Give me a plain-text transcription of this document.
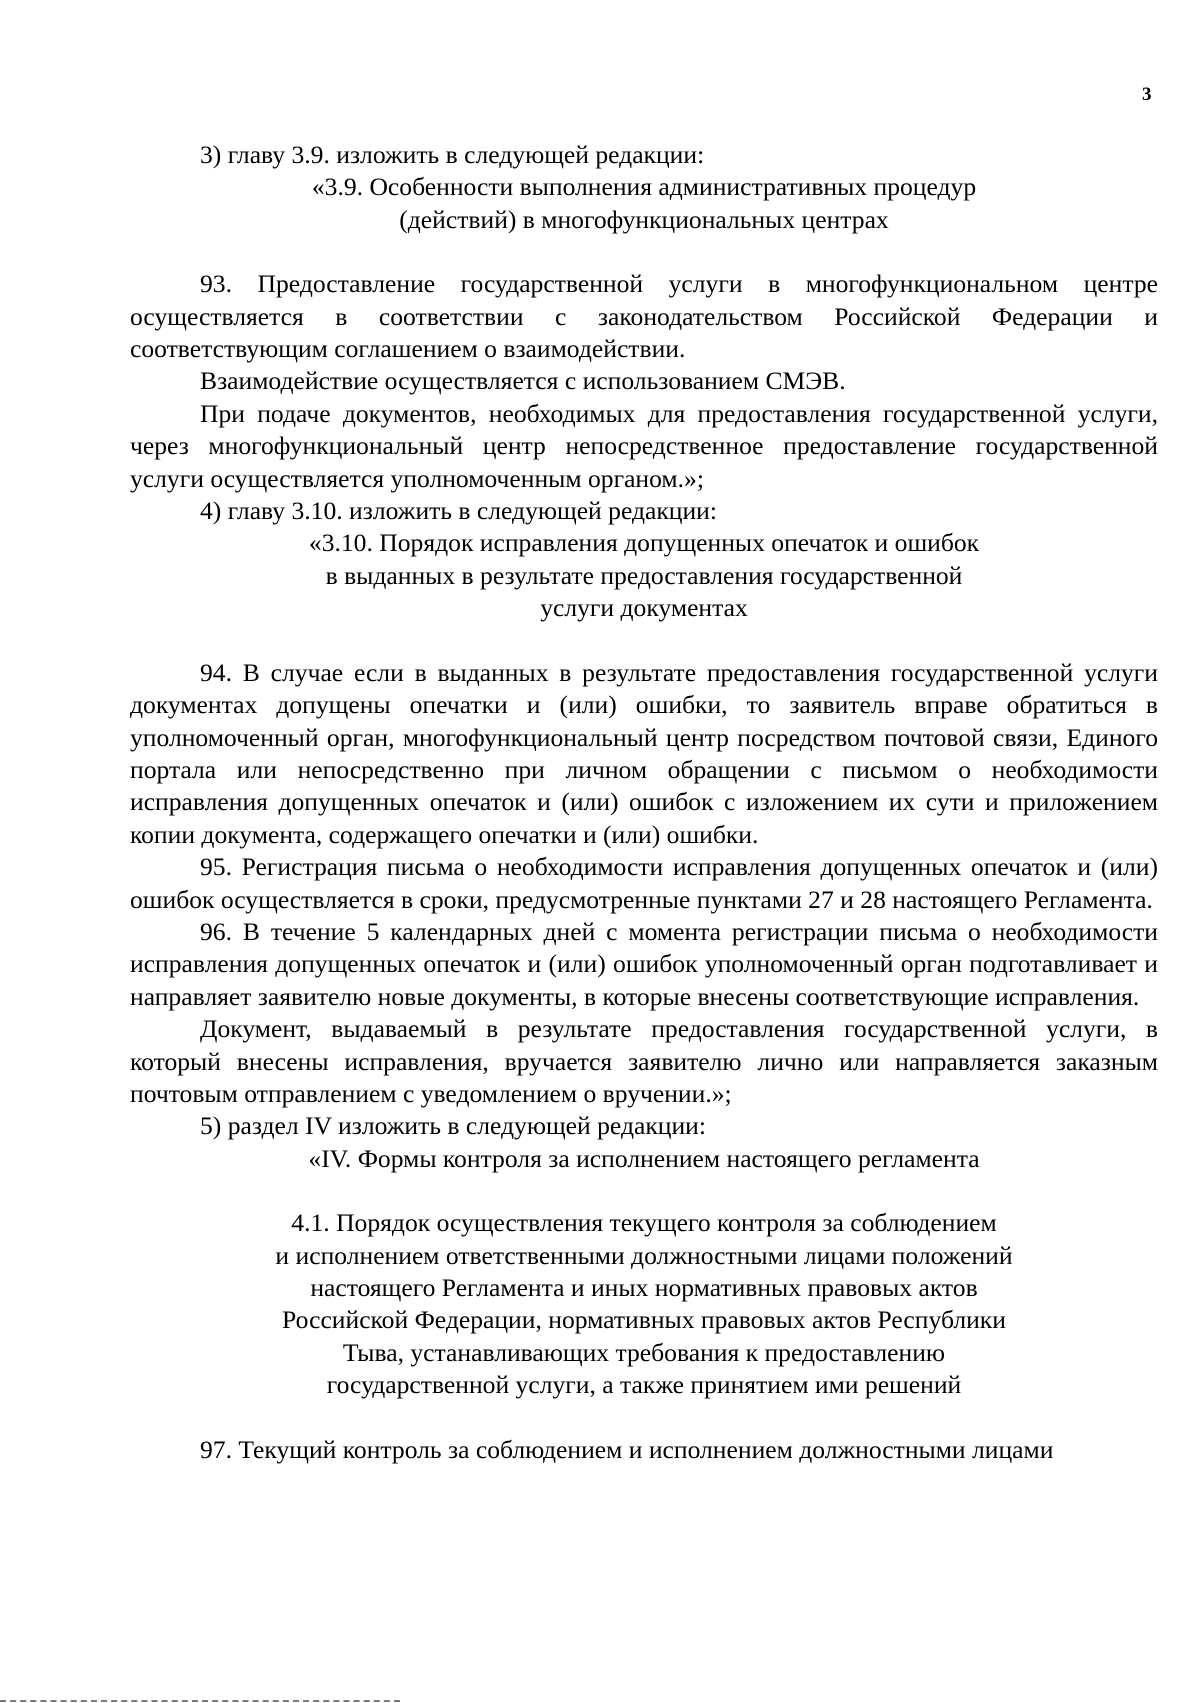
3

3) главу 3.9. изложить в следующей редакции:

«3.9. Особенности выполнения административных процедур

(действий) в многофункциональных центрах

93. Предоставление государственной услуги в многофункциональном центре осуществляется в соответствии с законодательством Российской Федерации и соответствующим соглашением о взаимодействии.

Взаимодействие осуществляется с использованием СМЭВ.

При подаче документов, необходимых для предоставления государственной услуги, через многофункциональный центр непосредственное предоставление государственной услуги осуществляется уполномоченным органом.»;

4) главу 3.10. изложить в следующей редакции:

«3.10. Порядок исправления допущенных опечаток и ошибок

в выданных в результате предоставления государственной

услуги документах

94. В случае если в выданных в результате предоставления государственной услуги документах допущены опечатки и (или) ошибки, то заявитель вправе обратиться в уполномоченный орган, многофункциональный центр посредством почтовой связи, Единого портала или непосредственно при личном обращении с письмом о необходимости исправления допущенных опечаток и (или) ошибок с изложением их сути и приложением копии документа, содержащего опечатки и (или) ошибки.

95. Регистрация письма о необходимости исправления допущенных опечаток и (или) ошибок осуществляется в сроки, предусмотренные пунктами 27 и 28 настоящего Регламента.

96. В течение 5 календарных дней с момента регистрации письма о необходимости исправления допущенных опечаток и (или) ошибок уполномоченный орган подготавливает и направляет заявителю новые документы, в которые внесены соответствующие исправления.

Документ, выдаваемый в результате предоставления государственной услуги, в который внесены исправления, вручается заявителю лично или направляется заказным почтовым отправлением с уведомлением о вручении.»;

5) раздел IV изложить в следующей редакции:

«IV. Формы контроля за исполнением настоящего регламента

4.1. Порядок осуществления текущего контроля за соблюдением

и исполнением ответственными должностными лицами положений

настоящего Регламента и иных нормативных правовых актов

Российской Федерации, нормативных правовых актов Республики

Тыва, устанавливающих требования к предоставлению

государственной услуги, а также принятием ими решений

97. Текущий контроль за соблюдением и исполнением должностными лицами
